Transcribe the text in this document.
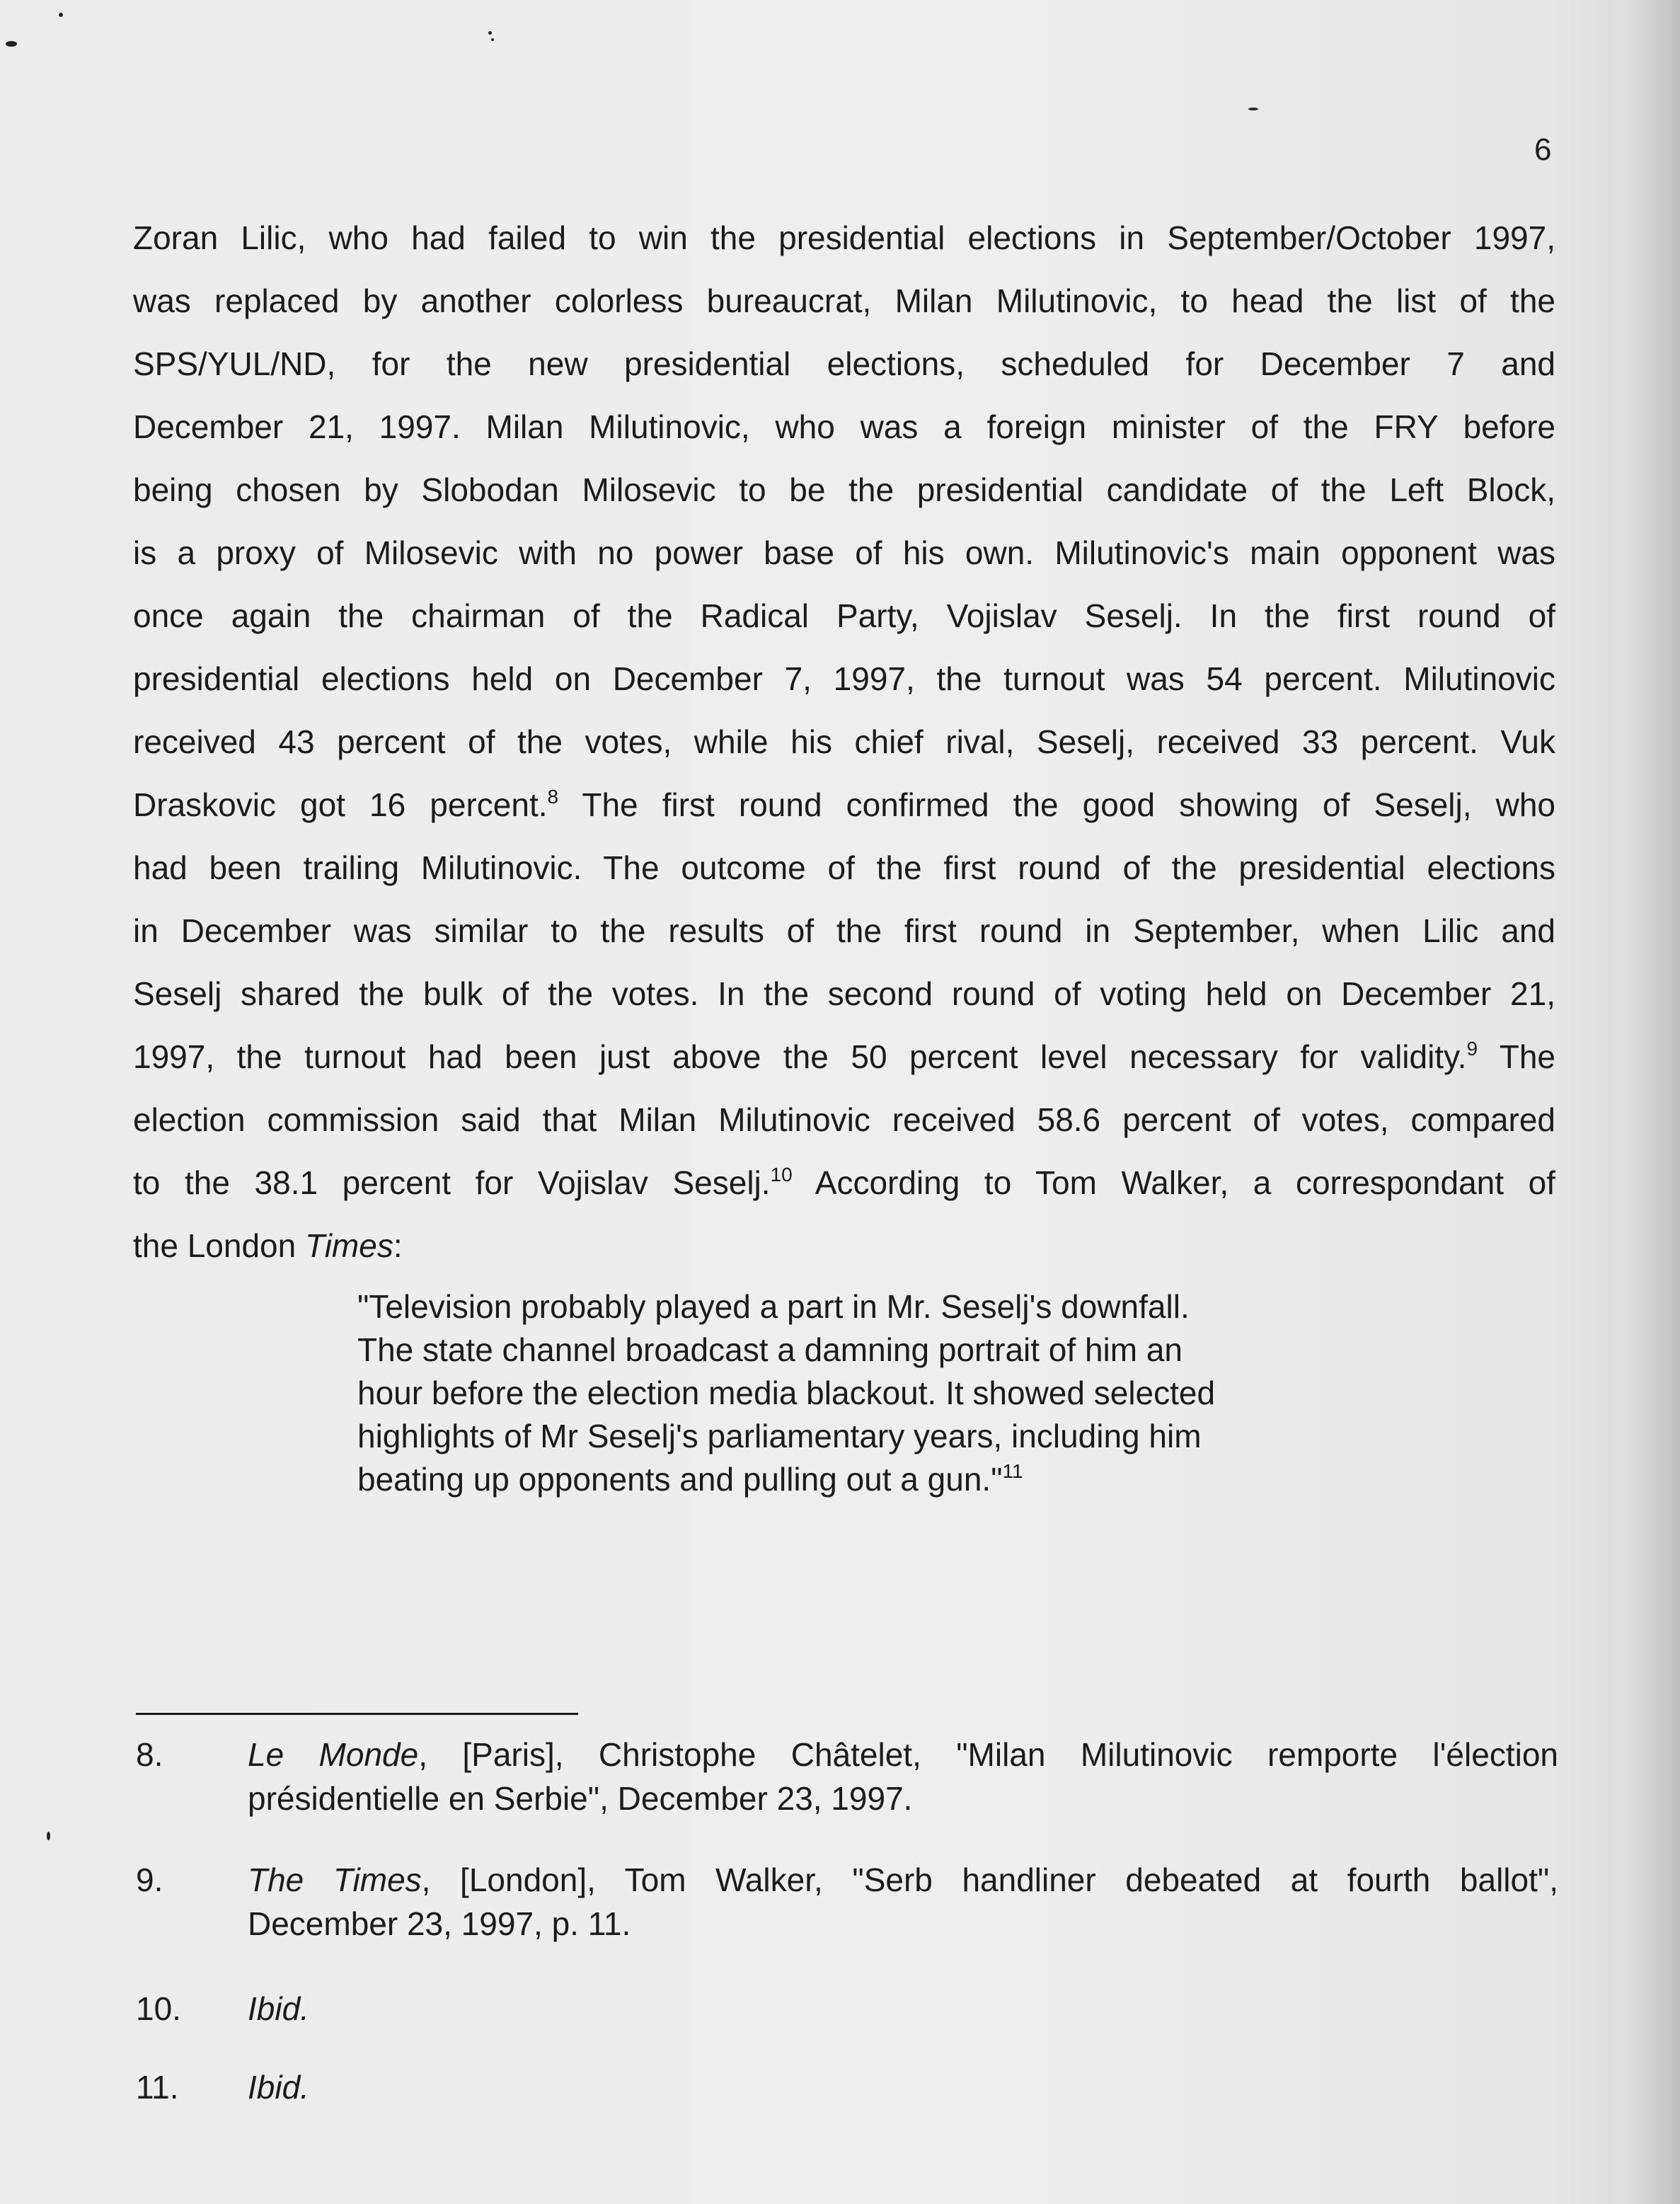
6
Zoran Lilic, who had failed to win the presidential elections in September/October 1997,
was replaced by another colorless bureaucrat, Milan Milutinovic, to head the list of the
SPS/YUL/ND, for the new presidential elections, scheduled for December 7 and
December 21, 1997. Milan Milutinovic, who was a foreign minister of the FRY before
being chosen by Slobodan Milosevic to be the presidential candidate of the Left Block,
is a proxy of Milosevic with no power base of his own. Milutinovic's main opponent was
once again the chairman of the Radical Party, Vojislav Seselj. In the first round of
presidential elections held on December 7, 1997, the turnout was 54 percent. Milutinovic
received 43 percent of the votes, while his chief rival, Seselj, received 33 percent. Vuk
Draskovic got 16 percent.$^8$ The first round confirmed the good showing of Seselj, who
had been trailing Milutinovic. The outcome of the first round of the presidential elections
in December was similar to the results of the first round in September, when Lilic and
Seselj shared the bulk of the votes. In the second round of voting held on December 21,
1997, the turnout had been just above the 50 percent level necessary for validity.$^9$ The
election commission said that Milan Milutinovic received 58.6 percent of votes, compared
to the 38.1 percent for Vojislav Seselj.$^{10}$ According to Tom Walker, a correspondant of
the London Times:
"Television probably played a part in Mr. Seselj's downfall.
The state channel broadcast a damning portrait of him an
hour before the election media blackout. It showed selected
highlights of Mr Seselj's parliamentary years, including him
beating up opponents and pulling out a gun."$^{11}$
8.	Le Monde, [Paris], Christophe Châtelet, "Milan Milutinovic remporte l'élection
présidentielle en Serbie", December 23, 1997.
9.	The Times, [London], Tom Walker, "Serb handliner debeated at fourth ballot",
December 23, 1997, p. 11.
10.	Ibid.
11.	Ibid.
